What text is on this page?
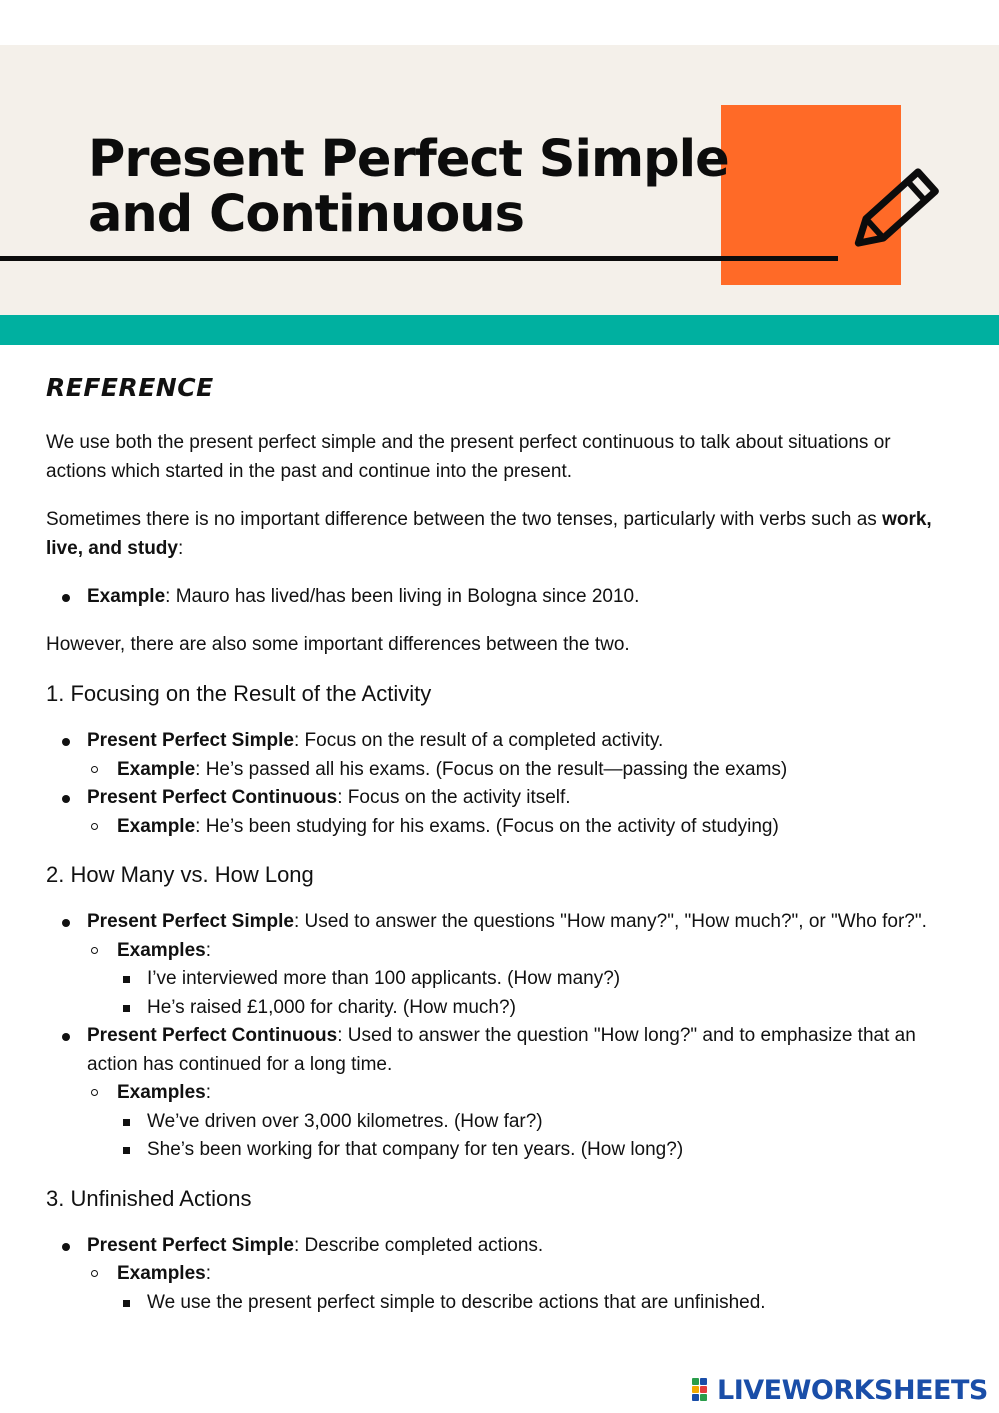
Present Perfect Simple
and Continuous
REFERENCE

We use both the present perfect simple and the present perfect continuous to talk about situations or actions which started in the past and continue into the present.

Sometimes there is no important difference between the two tenses, particularly with verbs such as work, live, and study:

Example: Mauro has lived/has been living in Bologna since 2010.

However, there are also some important differences between the two.

1. Focusing on the Result of the Activity
Present Perfect Simple: Focus on the result of a completed activity.
Example: He’s passed all his exams. (Focus on the result—passing the exams)
Present Perfect Continuous: Focus on the activity itself.
Example: He’s been studying for his exams. (Focus on the activity of studying)
2. How Many vs. How Long
Present Perfect Simple: Used to answer the questions "How many?", "How much?", or "Who for?".
Examples:
I’ve interviewed more than 100 applicants. (How many?)
He’s raised £1,000 for charity. (How much?)
Present Perfect Continuous: Used to answer the question "How long?" and to emphasize that an action has continued for a long time.
Examples:
We’ve driven over 3,000 kilometres. (How far?)
She’s been working for that company for ten years. (How long?)
3. Unfinished Actions
Present Perfect Simple: Describe completed actions.
Examples:
We use the present perfect simple to describe actions that are unfinished.
LIVEWORKSHEETS
